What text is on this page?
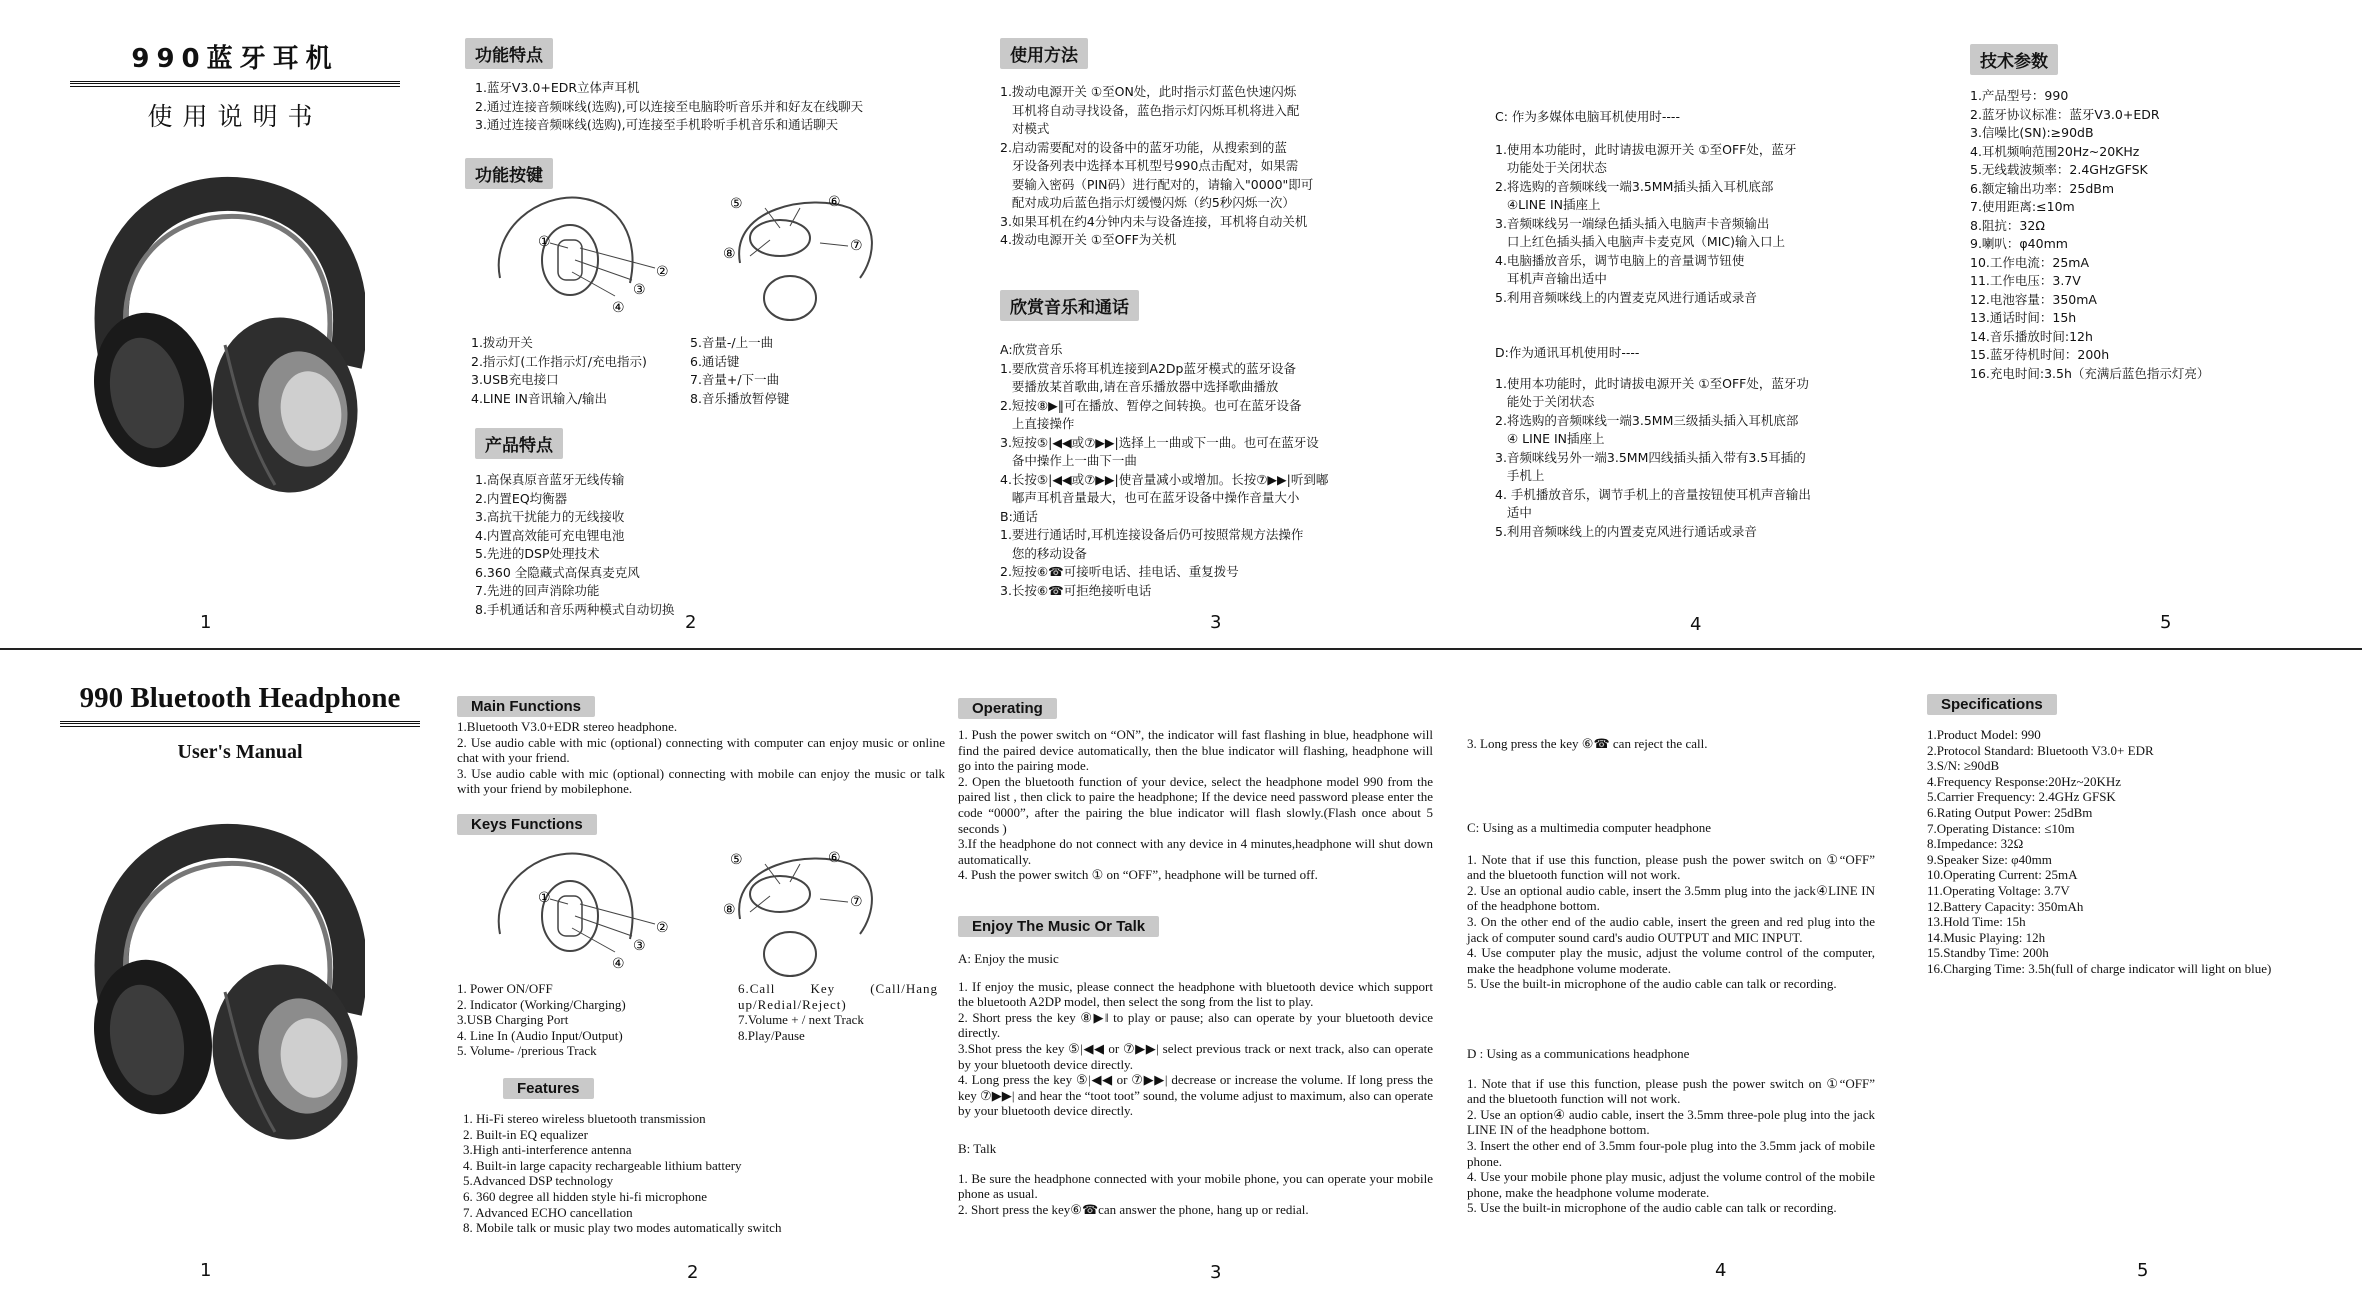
990蓝牙耳机
使用说明书
1
功能特点
1.蓝牙V3.0+EDR立体声耳机
2.通过连接音频咪线(选购),可以连接至电脑聆听音乐并和好友在线聊天
3.通过连接音频咪线(选购),可连接至手机聆听手机音乐和通话聊天
功能按键
①
②
③
④
⑤	⑥
⑦
⑧
1.拨动开关
2.指示灯(工作指示灯/充电指示)
3.USB充电接口
4.LINE IN音讯输入/输出
5.音量-/上一曲
6.通话键
7.音量+/下一曲
8.音乐播放暂停键
产品特点
1.高保真原音蓝牙无线传输
2.内置EQ均衡器
3.高抗干扰能力的无线接收
4.内置高效能可充电锂电池
5.先进的DSP处理技术
6.360 全隐藏式高保真麦克风
7.先进的回声消除功能
8.手机通话和音乐两种模式自动切换
2
使用方法
1.拨动电源开关 ①至ON处，此时指示灯蓝色快速闪烁
耳机将自动寻找设备，蓝色指示灯闪烁耳机将进入配
对模式
2.启动需要配对的设备中的蓝牙功能，从搜索到的蓝
牙设备列表中选择本耳机型号990点击配对，如果需
要输入密码（PIN码）进行配对的，请输入"0000"即可
配对成功后蓝色指示灯缓慢闪烁（约5秒闪烁一次）
3.如果耳机在约4分钟内未与设备连接，耳机将自动关机
4.拨动电源开关 ①至OFF为关机
欣赏音乐和通话
A:欣赏音乐
1.要欣赏音乐将耳机连接到A2Dp蓝牙模式的蓝牙设备
要播放某首歌曲,请在音乐播放器中选择歌曲播放
2.短按⑧▶‖可在播放、暂停之间转换。也可在蓝牙设备
上直接操作
3.短按⑤|◀◀或⑦▶▶|选择上一曲或下一曲。也可在蓝牙设
备中操作上一曲下一曲
4.长按⑤|◀◀或⑦▶▶|使音量减小或增加。长按⑦▶▶|听到嘟
嘟声耳机音量最大，也可在蓝牙设备中操作音量大小
B:通话
1.要进行通话时,耳机连接设备后仍可按照常规方法操作
您的移动设备
2.短按⑥☎可接听电话、挂电话、重复拨号
3.长按⑥☎可拒绝接听电话
3
C: 作为多媒体电脑耳机使用时----
1.使用本功能时，此时请拔电源开关 ①至OFF处，蓝牙
功能处于关闭状态
2.将选购的音频咪线一端3.5MM插头插入耳机底部
④LINE IN插座上
3.音频咪线另一端绿色插头插入电脑声卡音频输出
口上红色插头插入电脑声卡麦克风（MIC)输入口上
4.电脑播放音乐，调节电脑上的音量调节钮使
耳机声音输出适中
5.利用音频咪线上的内置麦克风进行通话或录音
D:作为通讯耳机使用时----
1.使用本功能时，此时请拔电源开关 ①至OFF处，蓝牙功
能处于关闭状态
2.将选购的音频咪线一端3.5MM三级插头插入耳机底部
④ LINE IN插座上
3.音频咪线另外一端3.5MM四线插头插入带有3.5耳插的
手机上
4. 手机播放音乐，调节手机上的音量按钮使耳机声音输出
适中
5.利用音频咪线上的内置麦克风进行通话或录音
4
技术参数
1.产品型号：990
2.蓝牙协议标准：蓝牙V3.0+EDR
3.信噪比(SN):≥90dB
4.耳机频响范围20Hz~20KHz
5.无线载波频率：2.4GHzGFSK
6.额定输出功率：25dBm
7.使用距离:≤10m
8.阻抗：32Ω
9.喇叭：φ40mm
10.工作电流：25mA
11.工作电压：3.7V
12.电池容量：350mA
13.通话时间：15h
14.音乐播放时间:12h
15.蓝牙待机时间：200h
16.充电时间:3.5h（充满后蓝色指示灯亮）
5
990 Bluetooth Headphone
User's Manual
1
Main Functions
1.Bluetooth V3.0+EDR stereo headphone.
2. Use audio cable with mic (optional) connecting with computer can enjoy music or online chat with your friend.
3. Use audio cable with mic (optional) connecting with mobile can enjoy the music or talk with your friend by mobilephone.
Keys Functions
①
②
③
④
⑤	⑥
⑦
⑧
1. Power ON/OFF
2. Indicator (Working/Charging)
3.USB Charging Port
4. Line In (Audio Input/Output)
5. Volume- /prerious Track
6.Call Key (Call/Hang up/Redial/Reject)
7.Volume + / next Track
8.Play/Pause
Features
1. Hi-Fi stereo wireless bluetooth transmission
2. Built-in EQ equalizer
3.High anti-interference antenna
4. Built-in large capacity rechargeable lithium battery
5.Advanced DSP technology
6. 360 degree all hidden style hi-fi microphone
7. Advanced ECHO cancellation
8. Mobile talk or music play two modes automatically switch
2
Operating
1. Push the power switch on “ON”, the indicator will fast flashing in blue, headphone will find the paired device automatically, then the blue indicator will flashing, headphone will go into the pairing mode.
2. Open the bluetooth function of your device, select the headphone model 990 from the paired list , then click to paire the headphone; If the device need password please enter the code “0000”, after the pairing the blue indicator will flash slowly.(Flash once about 5 seconds )
3.If the headphone do not connect with any device in 4 minutes,headphone will shut down automatically.
4. Push the power switch ① on “OFF”, headphone will be turned off.
Enjoy The Music Or Talk
A: Enjoy the music
1. If enjoy the music, please connect the headphone with bluetooth device which support the bluetooth A2DP model, then select the song from the list to play.
2. Short press the key ⑧▶‖ to play or pause; also can operate by your bluetooth device directly.
3.Shot press the key ⑤|◀◀ or ⑦▶▶| select previous track or next track, also can operate by your bluetooth device directly.
4. Long press the key ⑤|◀◀ or ⑦▶▶| decrease or increase the volume. If long press the key ⑦▶▶| and hear the “toot toot” sound, the volume adjust to maximum, also can operate by your bluetooth device directly.
B: Talk
1. Be sure the headphone connected with your mobile phone, you can operate your mobile phone as usual.
2. Short press the key⑥☎can answer the phone, hang up or redial.
3
3. Long press the key ⑥☎ can reject the call.
C: Using as a multimedia computer headphone
1. Note that if use this function, please push the power switch on ①“OFF” and the bluetooth function will not work.
2. Use an optional audio cable, insert the 3.5mm plug into the jack④LINE IN of the headphone bottom.
3. On the other end of the audio cable, insert the green and red plug into the jack of computer sound card's audio OUTPUT and MIC INPUT.
4. Use computer play the music, adjust the volume control of the computer, make the headphone volume moderate.
5. Use the built-in microphone of the audio cable can talk or recording.
D : Using as a communications headphone
1. Note that if use this function, please push the power switch on ①“OFF” and the bluetooth function will not work.
2. Use an option④ audio cable, insert the 3.5mm three-pole plug into the jack LINE IN of the headphone bottom.
3. Insert the other end of 3.5mm four-pole plug into the 3.5mm jack of mobile phone.
4. Use your mobile phone play music, adjust the volume control of the mobile phone, make the headphone volume moderate.
5. Use the built-in microphone of the audio cable can talk or recording.
4
Specifications
1.Product Model: 990
2.Protocol Standard: Bluetooth V3.0+ EDR
3.S/N: ≥90dB
4.Frequency Response:20Hz~20KHz
5.Carrier Frequency: 2.4GHz GFSK
6.Rating Output Power: 25dBm
7.Operating Distance: ≤10m
8.Impedance: 32Ω
9.Speaker Size: φ40mm
10.Operating Current: 25mA
11.Operating Voltage: 3.7V
12.Battery Capacity: 350mAh
13.Hold Time: 15h
14.Music Playing: 12h
15.Standby Time: 200h
16.Charging Time: 3.5h(full of charge indicator will light on blue)
5
